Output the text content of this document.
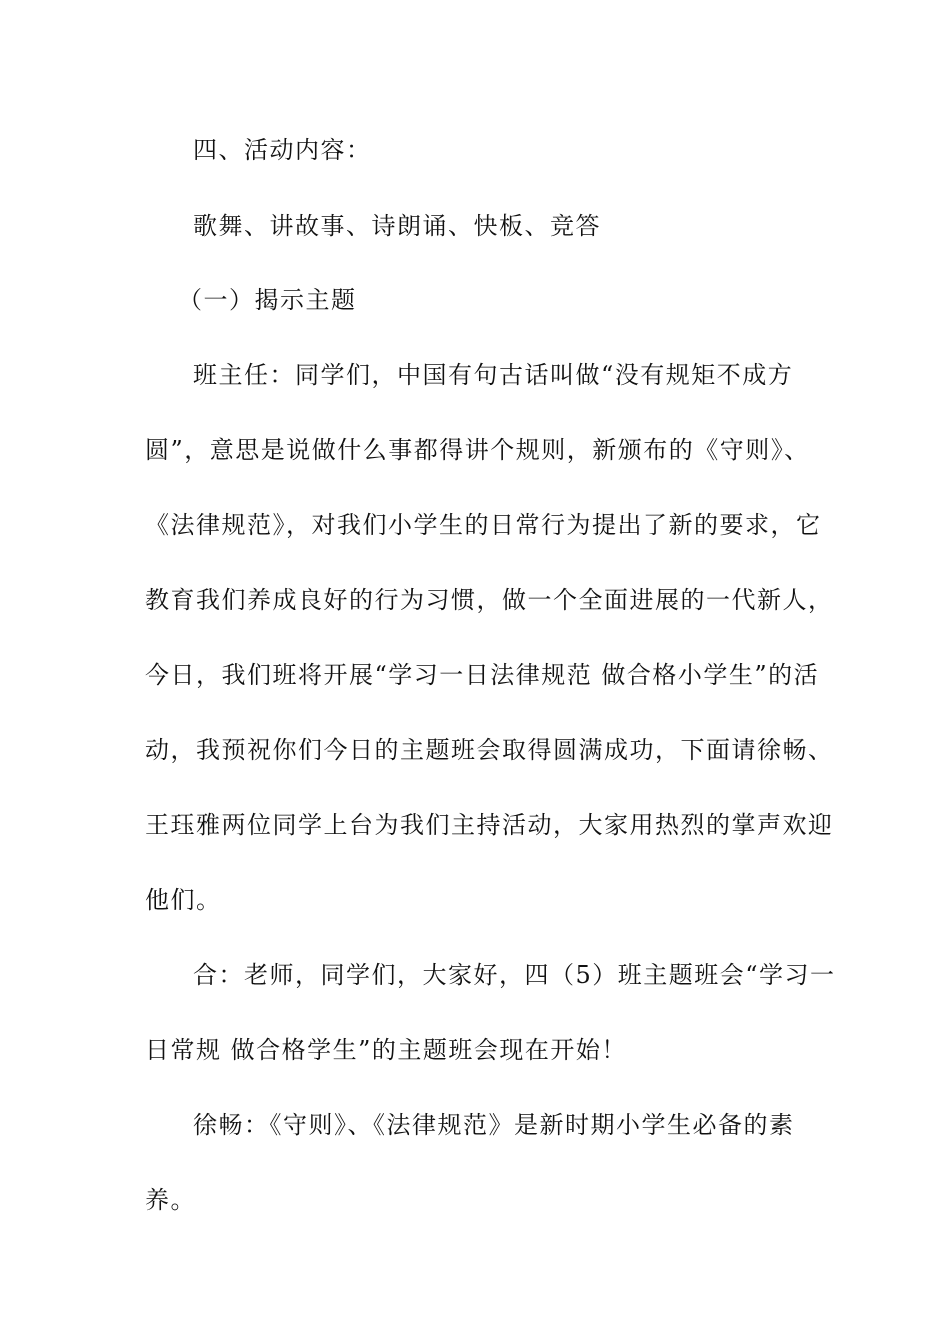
四、活动内容：
歌舞、讲故事、诗朗诵、快板、竞答
（一）揭示主题
班主任：同学们，中国有句古话叫做“没有规矩不成方
圆”，意思是说做什么事都得讲个规则，新颁布的《守则》、
《法律规范》，对我们小学生的日常行为提出了新的要求，它
教育我们养成良好的行为习惯，做一个全面进展的一代新人，
今日，我们班将开展“学习一日法律规范 做合格小学生”的活
动，我预祝你们今日的主题班会取得圆满成功，下面请徐畅、
王珏雅两位同学上台为我们主持活动，大家用热烈的掌声欢迎
他们。
合：老师，同学们，大家好，四（5）班主题班会“学习一
日常规 做合格学生”的主题班会现在开始！
徐畅：《守则》、《法律规范》是新时期小学生必备的素
养。
